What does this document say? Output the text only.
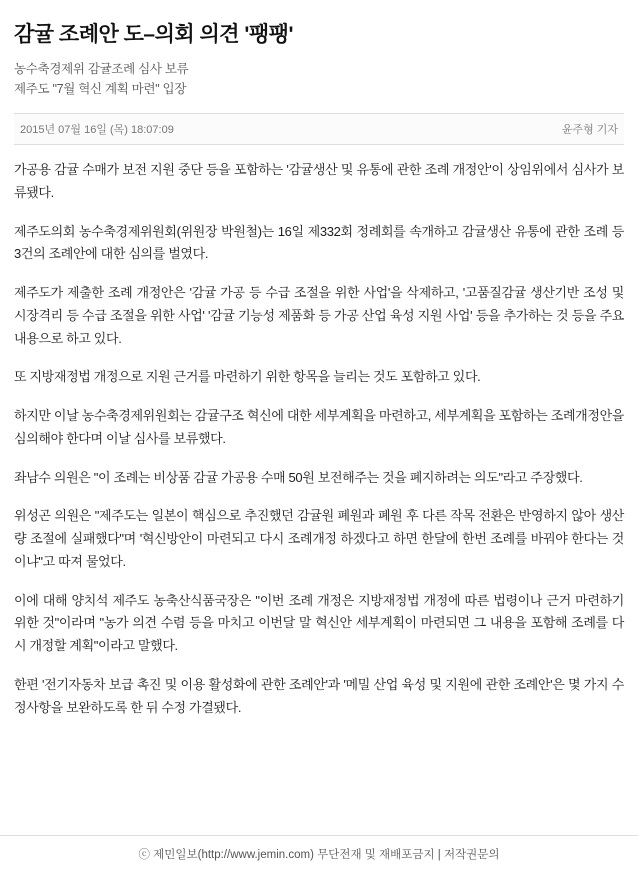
감귤 조례안 도–의회 의견 '팽팽'
농수축경제위 감귤조례 심사 보류
제주도 "7월 혁신 계획 마련" 입장
2015년 07월 16일 (목) 18:07:09	윤주형 기자

가공용 감귤 수매가 보전 지원 중단 등을 포함하는 '감귤생산 및 유통에 관한 조례 개정안'이 상임위에서 심사가 보류됐다.

제주도의회 농수축경제위원회(위원장 박원철)는 16일 제332회 정례회를 속개하고 감귤생산 유통에 관한 조례 등 3건의 조례안에 대한 심의를 벌였다.

제주도가 제출한 조례 개정안은 '감귤 가공 등 수급 조절을 위한 사업'을 삭제하고, '고품질감귤 생산기반 조성 및 시장격리 등 수급 조절을 위한 사업' '감귤 기능성 제품화 등 가공 산업 육성 지원 사업' 등을 추가하는 것 등을 주요 내용으로 하고 있다.

또 지방재정법 개정으로 지원 근거를 마련하기 위한 항목을 늘리는 것도 포함하고 있다.

하지만 이날 농수축경제위원회는 감귤구조 혁신에 대한 세부계획을 마련하고, 세부계획을 포함하는 조례개정안을 심의해야 한다며 이날 심사를 보류했다.

좌남수 의원은 "이 조례는 비상품 감귤 가공용 수매 50원 보전해주는 것을 폐지하려는 의도"라고 주장했다.

위성곤 의원은 "제주도는 일본이 핵심으로 추진했던 감귤원 폐원과 폐원 후 다른 작목 전환은 반영하지 않아 생산량 조절에 실패했다"며 '혁신방안이 마련되고 다시 조례개정 하겠다고 하면 한달에 한번 조례를 바꿔야 한다는 것이냐"고 따져 물었다.

이에 대해 양치석 제주도 농축산식품국장은 "이번 조례 개정은 지방재정법 개정에 따른 법령이나 근거 마련하기 위한 것"이라며 "농가 의견 수렴 등을 마치고 이번달 말 혁신안 세부계획이 마련되면 그 내용을 포함해 조례를 다시 개정할 계획"이라고 말했다.

한편 '전기자동차 보급 촉진 및 이용 활성화에 관한 조례안'과 '메밀 산업 육성 및 지원에 관한 조례안'은 몇 가지 수정사항을 보완하도록 한 뒤 수정 가결됐다.

ⓒ 제민일보(http://www.jemin.com) 무단전재 및 재배포금지 | 저작권문의
